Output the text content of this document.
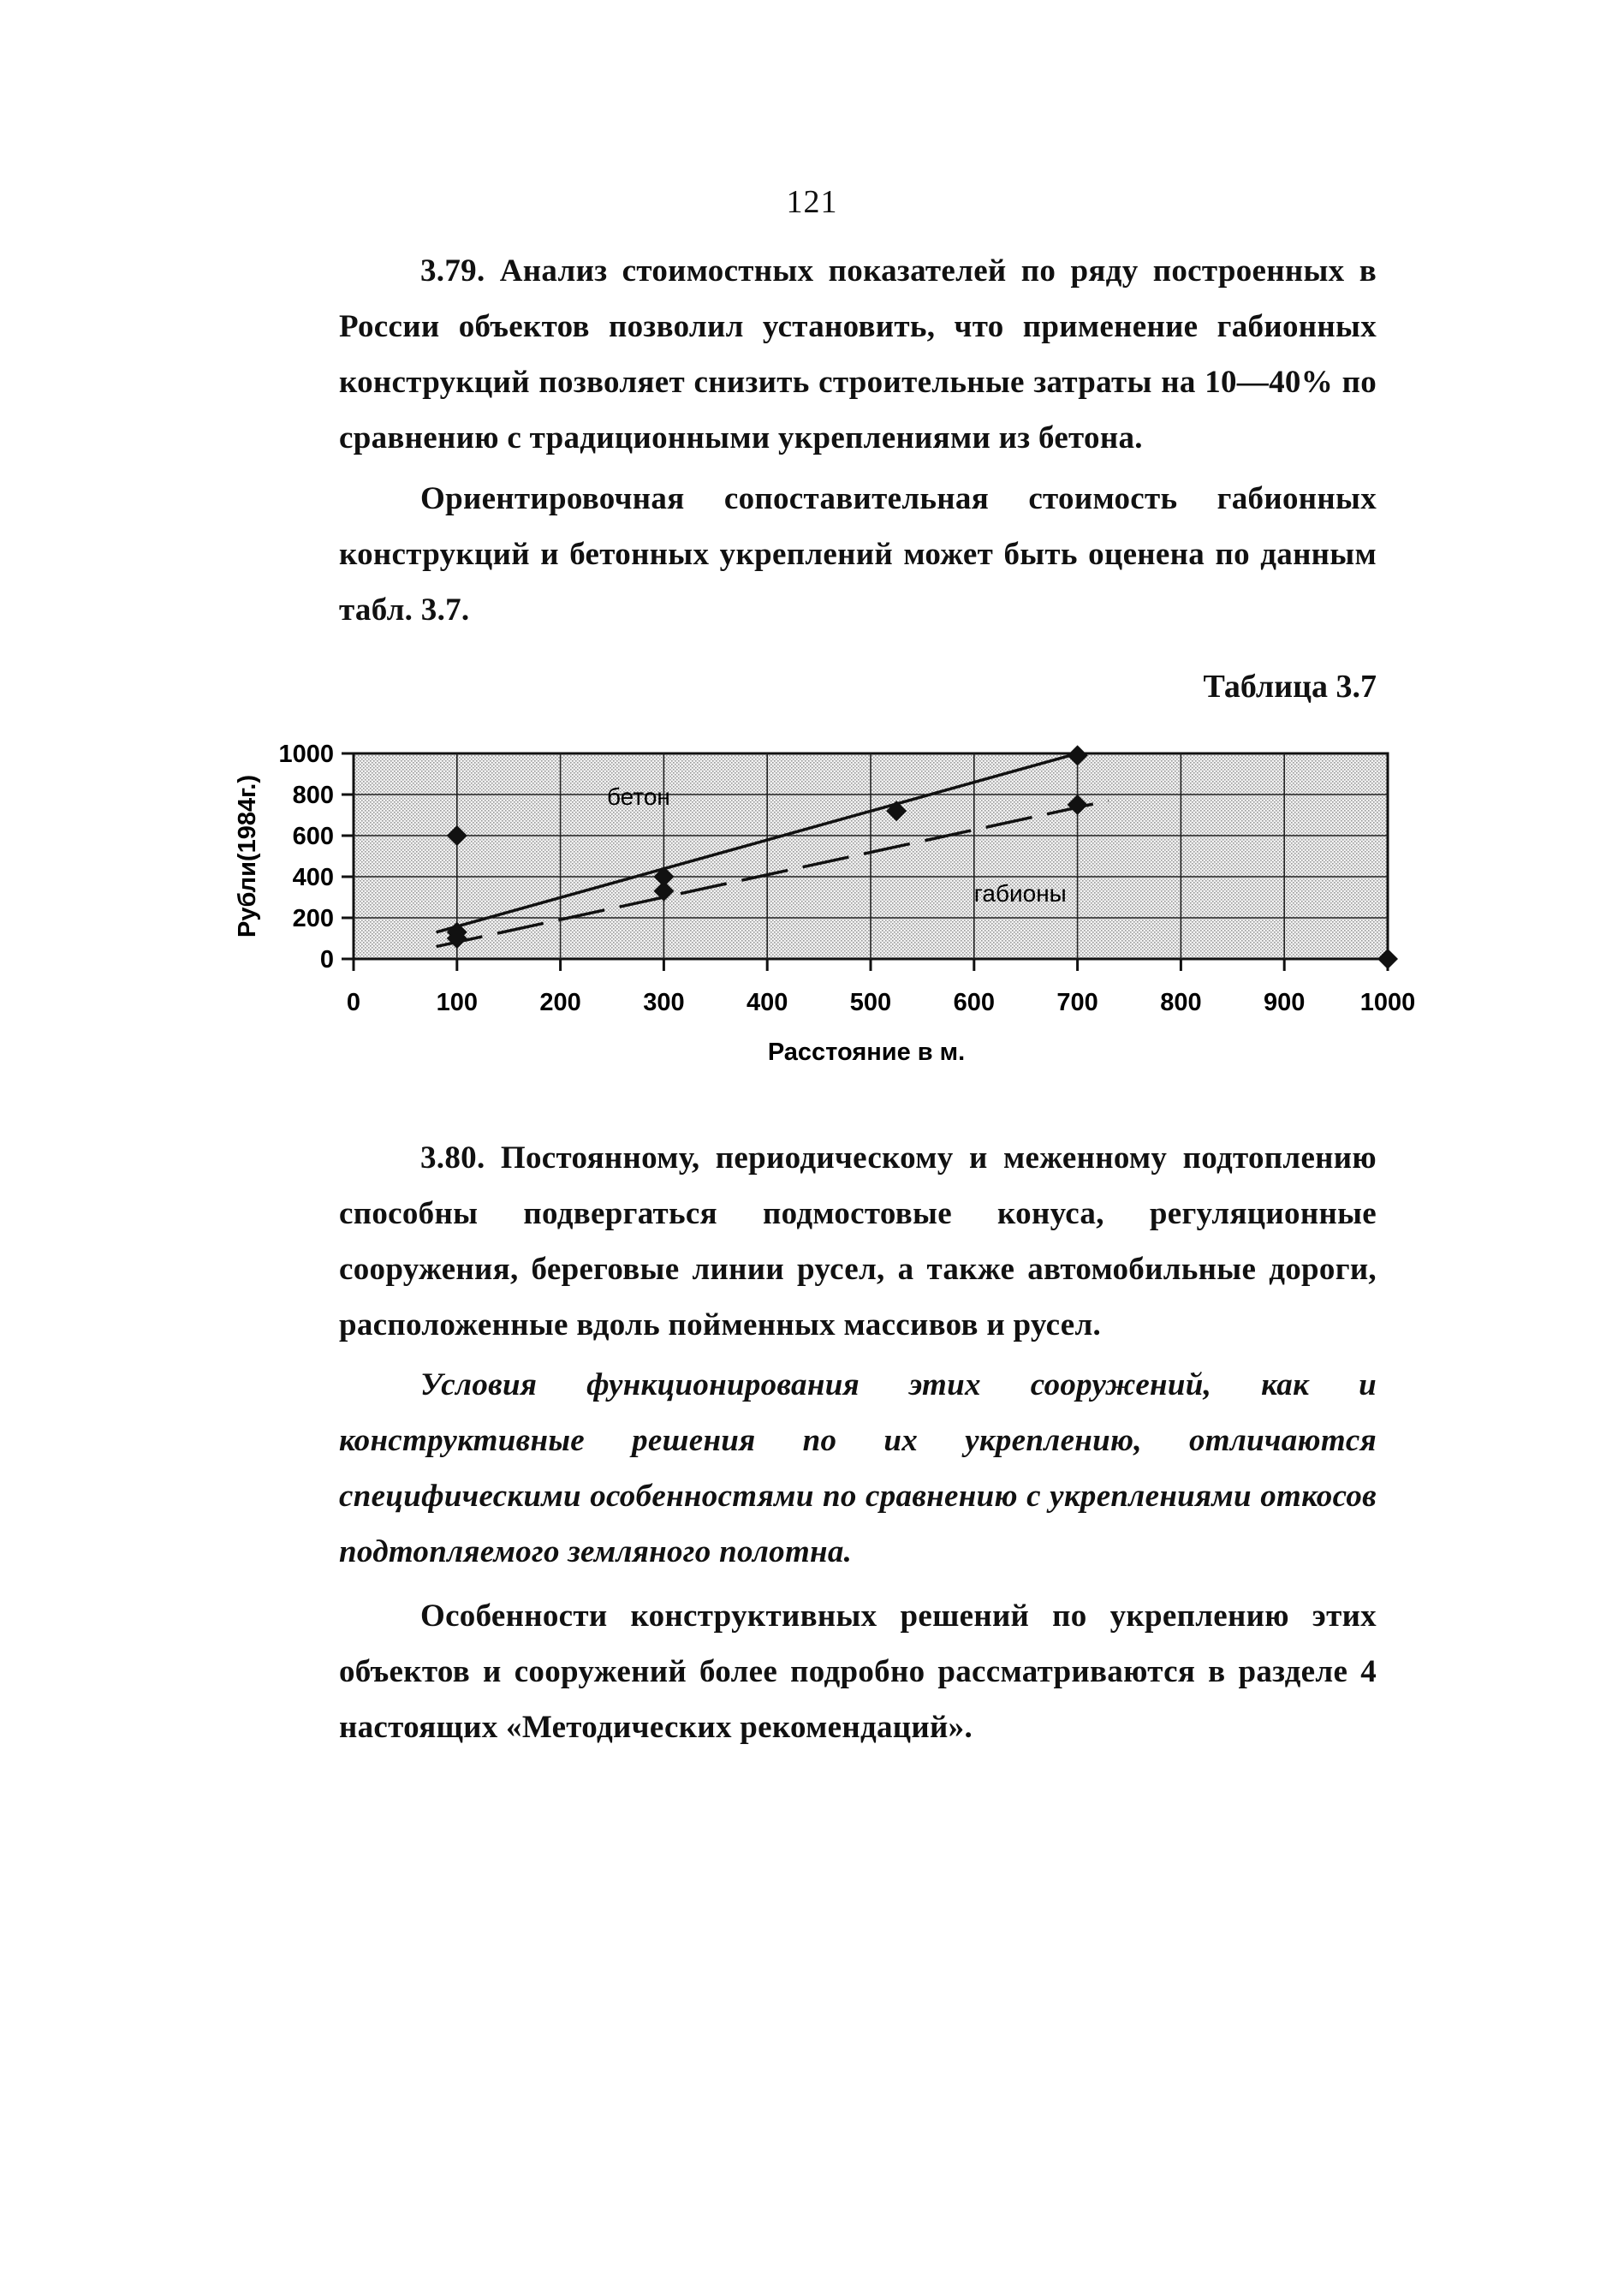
121

3.79. Анализ стоимостных показателей по ряду построенных в России объектов позволил установить, что применение габионных конструкций позволяет снизить строительные затраты на 10—40% по сравнению с традиционными укреплениями из бетона.

Ориентировочная сопоставительная стоимость габионных конструкций и бетонных укреплений может быть оценена по данным табл. 3.7.

Таблица 3.7
бетон
габионы
0	100 200 300 400 500 600 700 800 900 1000
0
200
400
600
800
1000
Расстояние в м.
Рубли(1984г.)

3.80. Постоянному, периодическому и меженному подтоплению способны подвергаться подмостовые конуса, регуляционные сооружения, береговые линии русел, а также автомобильные дороги, расположенные вдоль пойменных массивов и русел.

Условия функционирования этих сооружений, как и конструктивные решения по их укреплению, отличаются специфическими особенностями по сравнению с укреплениями откосов подтопляемого земляного полотна.

Особенности конструктивных решений по укреплению этих объектов и сооружений более подробно рассматриваются в разделе 4 настоящих «Методических рекомендаций».
